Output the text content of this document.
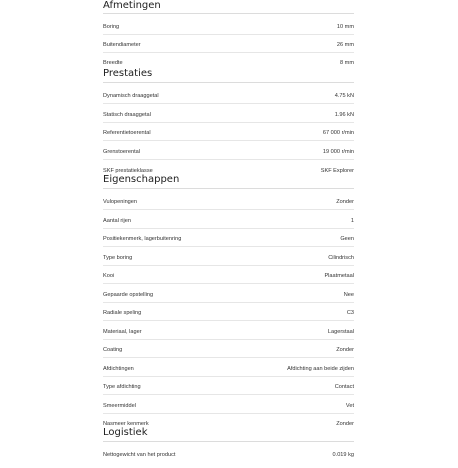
Afmetingen
Boring	10 mm
Buitendiameter	26 mm
Breedte	8 mm
Prestaties
Dynamisch draaggetal	4.75 kN
Statisch draaggetal	1.96 kN
Referentietoerental	67 000 r/min
Grenstoerental	19 000 r/min
SKF prestatieklasse	SKF Explorer
Eigenschappen
Vulopeningen	Zonder
Aantal rijen	1
Positiekenmerk, lagerbuitenring	Geen
Type boring	Cilindrisch
Kooi	Plaatmetaal
Gepaarde opstelling	Nee
Radiale speling	C3
Materiaal, lager	Lagerstaal
Coating	Zonder
Afdichtingen	Afdichting aan beide zijden
Type afdichting	Contact
Smeermiddel	Vet
Nasmeer kenmerk	Zonder
Logistiek
Nettogewicht van het product	0.019 kg
